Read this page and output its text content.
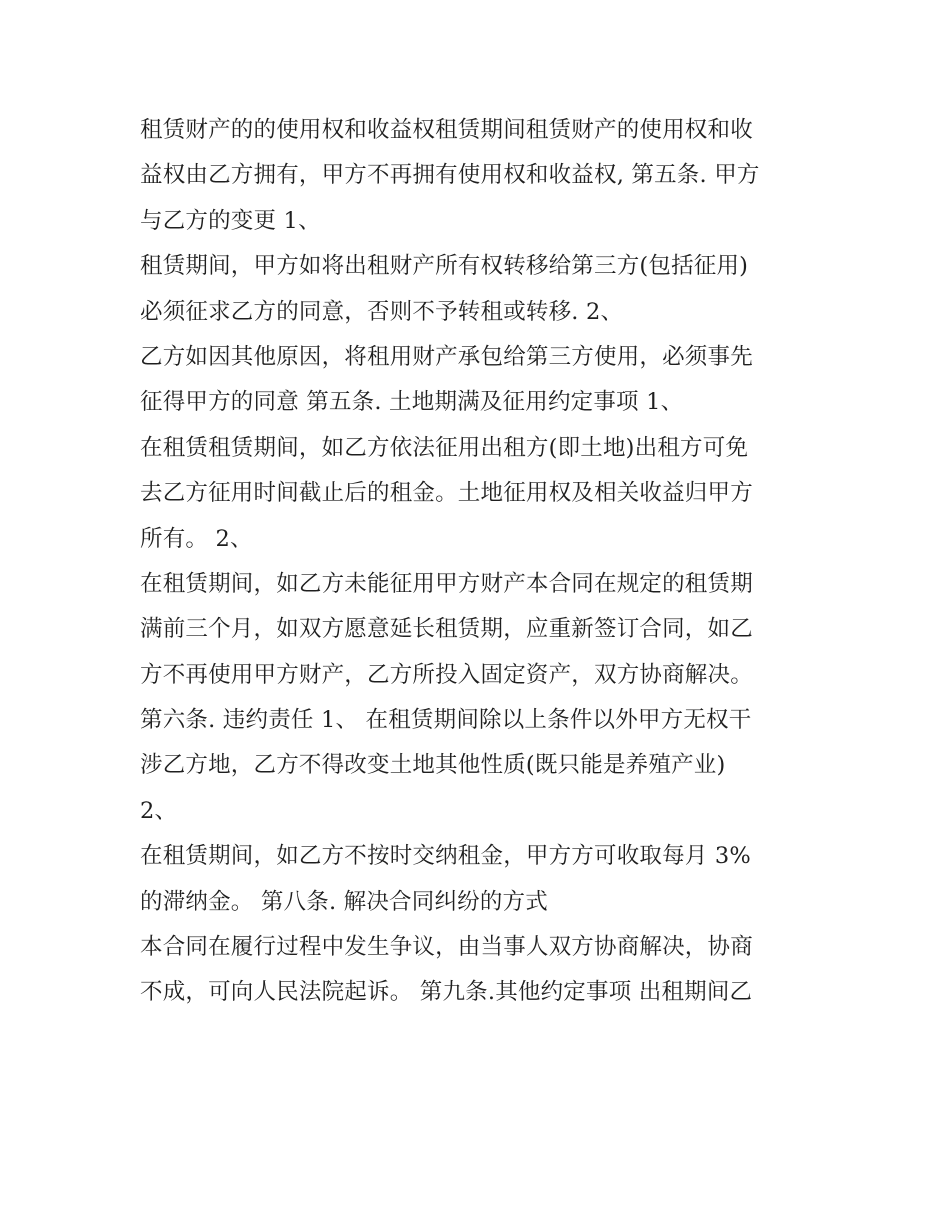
租赁财产的的使用权和收益权租赁期间租赁财产的使用权和收
益权由乙方拥有，甲方不再拥有使用权和收益权, 第五条. 甲方
与乙方的变更 1、
租赁期间，甲方如将出租财产所有权转移给第三方(包括征用)
必须征求乙方的同意，否则不予转租或转移. 2、
乙方如因其他原因，将租用财产承包给第三方使用，必须事先
征得甲方的同意 第五条. 土地期满及征用约定事项 1、
在租赁租赁期间，如乙方依法征用出租方(即土地)出租方可免
去乙方征用时间截止后的租金。土地征用权及相关收益归甲方
所有。 2、
在租赁期间，如乙方未能征用甲方财产本合同在规定的租赁期
满前三个月，如双方愿意延长租赁期，应重新签订合同，如乙
方不再使用甲方财产，乙方所投入固定资产，双方协商解决。
第六条. 违约责任 1、 在租赁期间除以上条件以外甲方无权干
涉乙方地，乙方不得改变土地其他性质(既只能是养殖产业)
2、
在租赁期间，如乙方不按时交纳租金，甲方方可收取每月 3%
的滞纳金。 第八条. 解决合同纠纷的方式
本合同在履行过程中发生争议，由当事人双方协商解决，协商
不成，可向人民法院起诉。 第九条.其他约定事项 出租期间乙
